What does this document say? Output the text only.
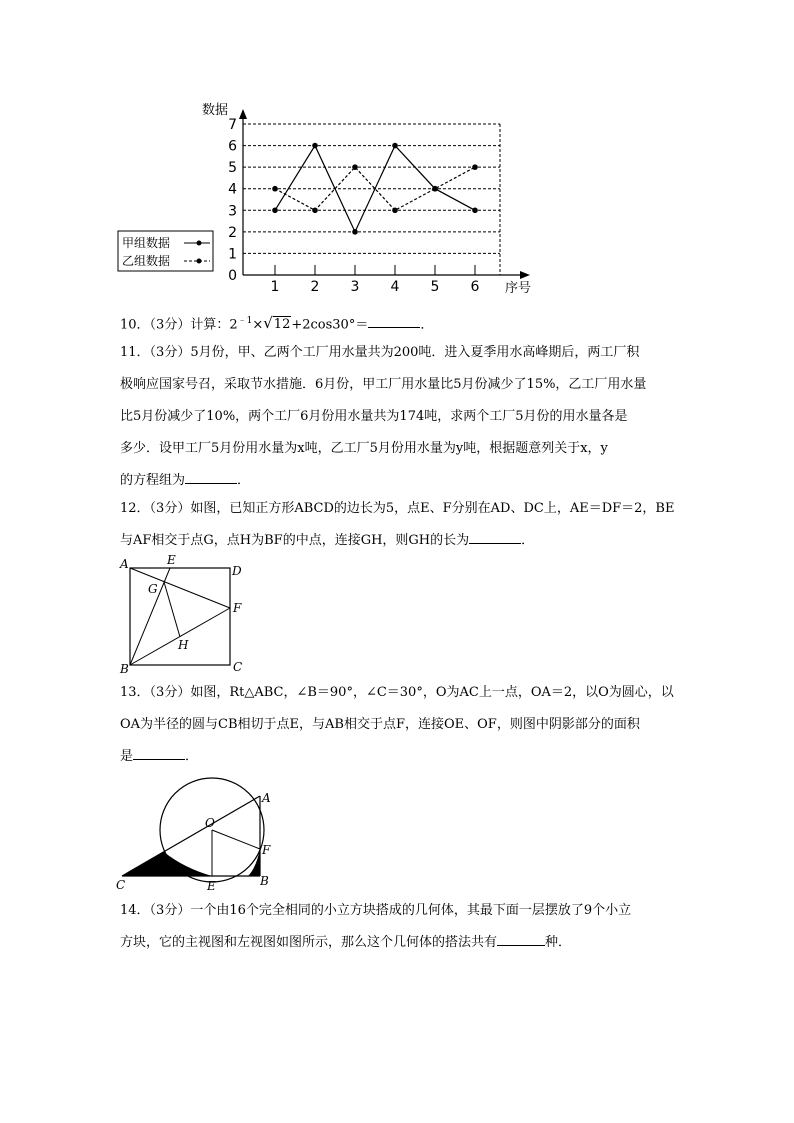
0
1
2
3
4
5
6
7
1 2 3 4 5 6
数据
序号
甲组数据
乙组数据
10．（3分）计算：$2^{﹣1}\times√12+2\cos 30^\circ=$	．
11．（3分）5月份，甲、乙两个工厂用水量共为200吨．进入夏季用水高峰期后，两工厂积
极响应国家号召，采取节水措施．6月份，甲工厂用水量比5月份减少了15%，乙工厂用水量
比5月份减少了10%，两个工厂6月份用水量共为174吨，求两个工厂5月份的用水量各是
多少．设甲工厂5月份用水量为x吨，乙工厂5月份用水量为y吨，根据题意列关于x，y
的方程组为	．
12．（3分）如图，已知正方形ABCD的边长为5，点E、F分别在AD、DC上，AE＝DF＝2，BE
与AF相交于点G，点H为BF的中点，连接GH，则GH的长为	．
A	E
D
G
F
H
B	C
13．（3分）如图，Rt△ABC，∠B＝90°，∠C＝30°，O为AC上一点，OA＝2，以O为圆心，以
OA为半径的圆与CB相切于点E，与AB相交于点F，连接OE、OF，则图中阴影部分的面积
是	．
A
O
F
C	E	B
14．（3分）一个由16个完全相同的小立方块搭成的几何体，其最下面一层摆放了9个小立
方块，它的主视图和左视图如图所示，那么这个几何体的搭法共有	种．
